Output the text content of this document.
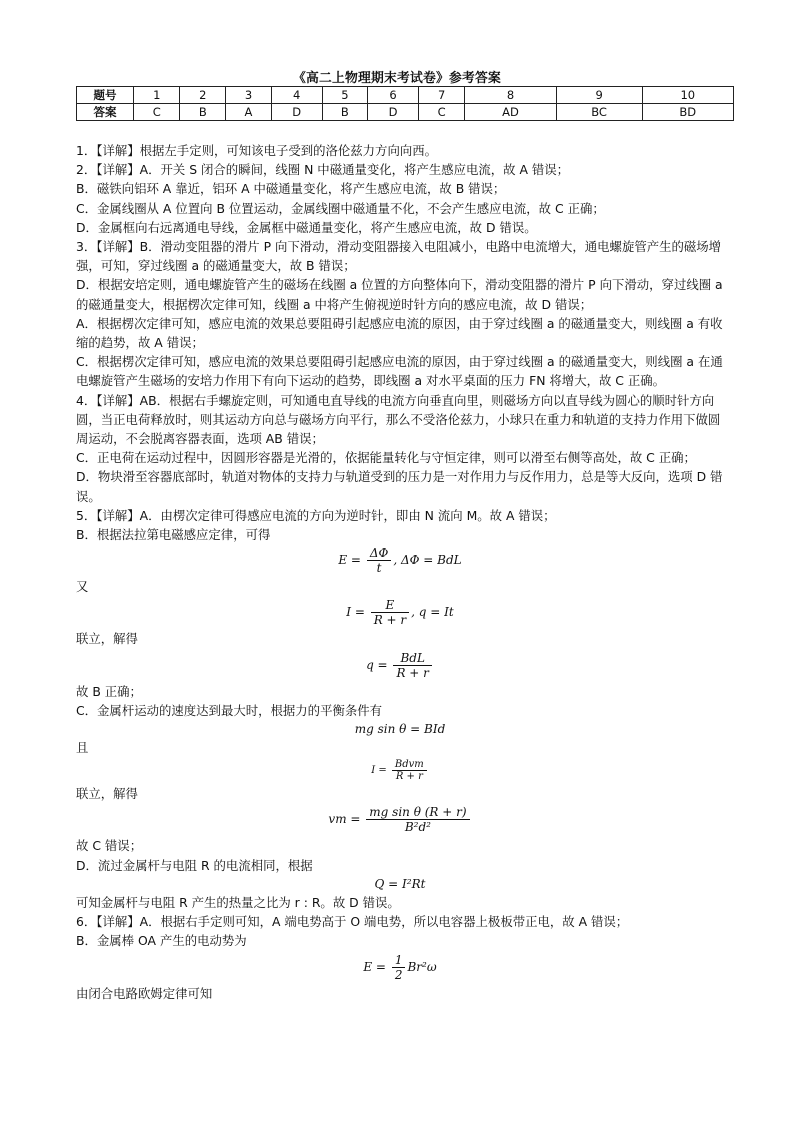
《高二上物理期末考试卷》参考答案
题号	1	2	3	4	5	6	7	8	9	10
答案	C	B	A	D	B	D	C	AD	BC	BD

1．【详解】根据左手定则，可知该电子受到的洛伦兹力方向向西。

2．【详解】A．开关 S 闭合的瞬间，线圈 N 中磁通量变化，将产生感应电流，故 A 错误；

B．磁铁向铝环 A 靠近，铝环 A 中磁通量变化，将产生感应电流，故 B 错误；

C．金属线圈从 A 位置向 B 位置运动，金属线圈中磁通量不化，不会产生感应电流，故 C 正确；

D．金属框向右远离通电导线，金属框中磁通量变化，将产生感应电流，故 D 错误。

3．【详解】B．滑动变阻器的滑片 P 向下滑动，滑动变阻器接入电阻减小，电路中电流增大，通电螺旋管产生的磁场增强，可知，穿过线圈 a 的磁通量变大，故 B 错误；

D．根据安培定则，通电螺旋管产生的磁场在线圈 a 位置的方向整体向下，滑动变阻器的滑片 P 向下滑动，穿过线圈 a 的磁通量变大，根据楞次定律可知，线圈 a 中将产生俯视逆时针方向的感应电流，故 D 错误；

A．根据楞次定律可知，感应电流的效果总要阻碍引起感应电流的原因，由于穿过线圈 a 的磁通量变大，则线圈 a 有收缩的趋势，故 A 错误；

C．根据楞次定律可知，感应电流的效果总要阻碍引起感应电流的原因，由于穿过线圈 a 的磁通量变大，则线圈 a 在通电螺旋管产生磁场的安培力作用下有向下运动的趋势，即线圈 a 对水平桌面的压力 FN 将增大，故 C 正确。

4．【详解】AB．根据右手螺旋定则，可知通电直导线的电流方向垂直向里，则磁场方向以直导线为圆心的顺时针方向圆，当正电荷释放时，则其运动方向总与磁场方向平行，那么不受洛伦兹力，小球只在重力和轨道的支持力作用下做圆周运动，不会脱离容器表面，选项 AB 错误；

C．正电荷在运动过程中，因圆形容器是光滑的，依据能量转化与守恒定律，则可以滑至右侧等高处，故 C 正确；

D．物块滑至容器底部时，轨道对物体的支持力与轨道受到的压力是一对作用力与反作用力，总是等大反向，选项 D 错误。

5．【详解】A．由楞次定律可得感应电流的方向为逆时针，即由 N 流向 M。故 A 错误；

B．根据法拉第电磁感应定律，可得

$E = \frac{\Delta\Phi}{t}$ , ΔΦ = BdL

又

$I = \frac{E}{R + r}$ , q = It

联立，解得

$q = \frac{\text{BdL}}{R + r}$

故 B 正确；

C．金属杆运动的速度达到最大时，根据力的平衡条件有

mg sin θ = BId

且

$I = \frac{\text{Bdvm}}{R + r}$

联立，解得

vm = $\frac{\text{mg sin θ (R + r)}}{\text{B²d²}}$

故 C 错误；

D．流过金属杆与电阻 R 的电流相同，根据

Q = I²Rt

可知金属杆与电阻 R 产生的热量之比为 r : R。故 D 错误。

6．【详解】A．根据右手定则可知，A 端电势高于 O 端电势，所以电容器上极板带正电，故 A 错误；

B．金属棒 OA 产生的电动势为

$E = \frac{1}{2} Br^2\omega$

由闭合电路欧姆定律可知
